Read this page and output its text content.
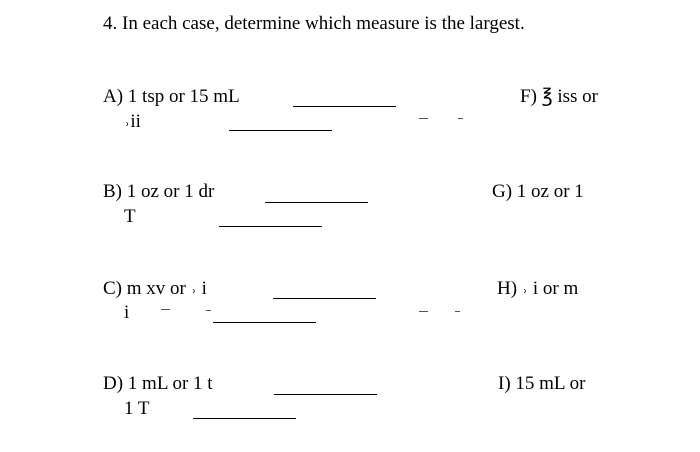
4. In each case, determine which measure is the largest.
A) 1 tsp or 15 mL
˒ii
F) ℥ iss or
B) 1 oz or 1 dr
T
G) 1 oz or 1
C) m xv or ˒ i
i
H) ˒ i or m
D) 1 mL or 1 t
1 T
I) 15 mL or
